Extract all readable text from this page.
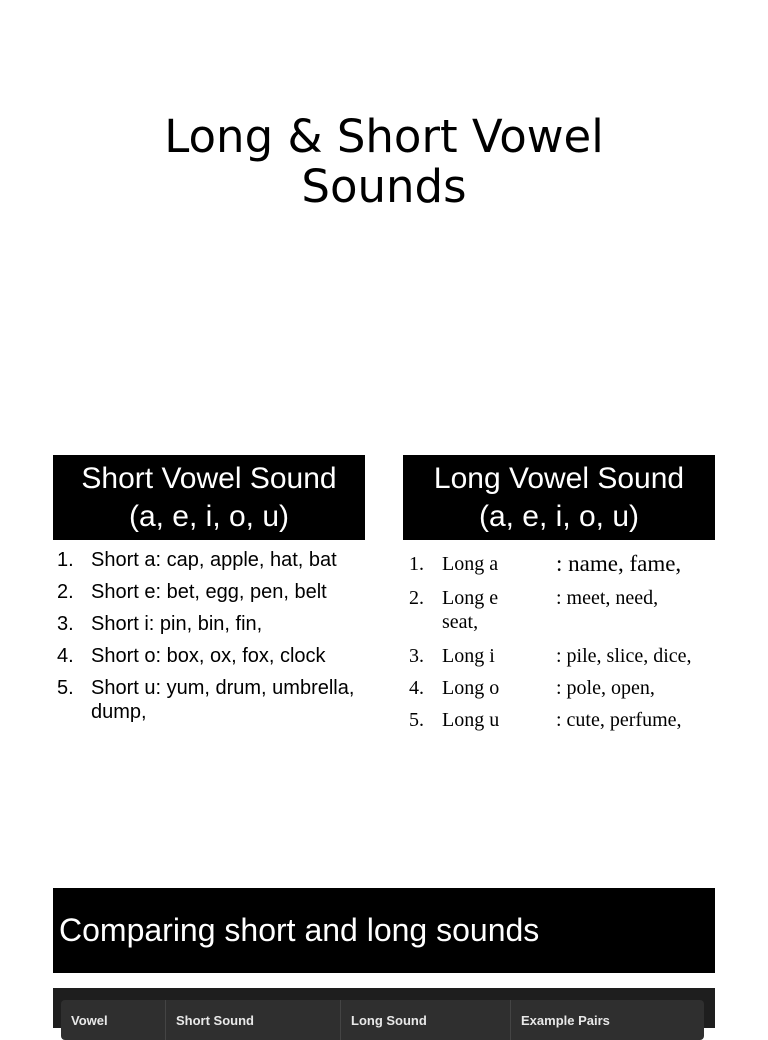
Long & Short Vowel Sounds
Short Vowel Sound
(a, e, i, o, u)
1. Short a: cap, apple, hat, bat
2. Short e: bet, egg, pen, belt
3. Short i: pin, bin, fin,
4. Short o: box, ox, fox, clock
5. Short u: yum, drum, umbrella, dump,
Long Vowel Sound
(a, e, i, o, u)
1. Long a	: name, fame,
2. Long e	: meet, need,
seat,
3. Long i	: pile, slice, dice,
4. Long o	: pole, open,
5. Long u	: cute, perfume,
Comparing short and long sounds
Vowel	Short Sound	Long Sound	Example Pairs
